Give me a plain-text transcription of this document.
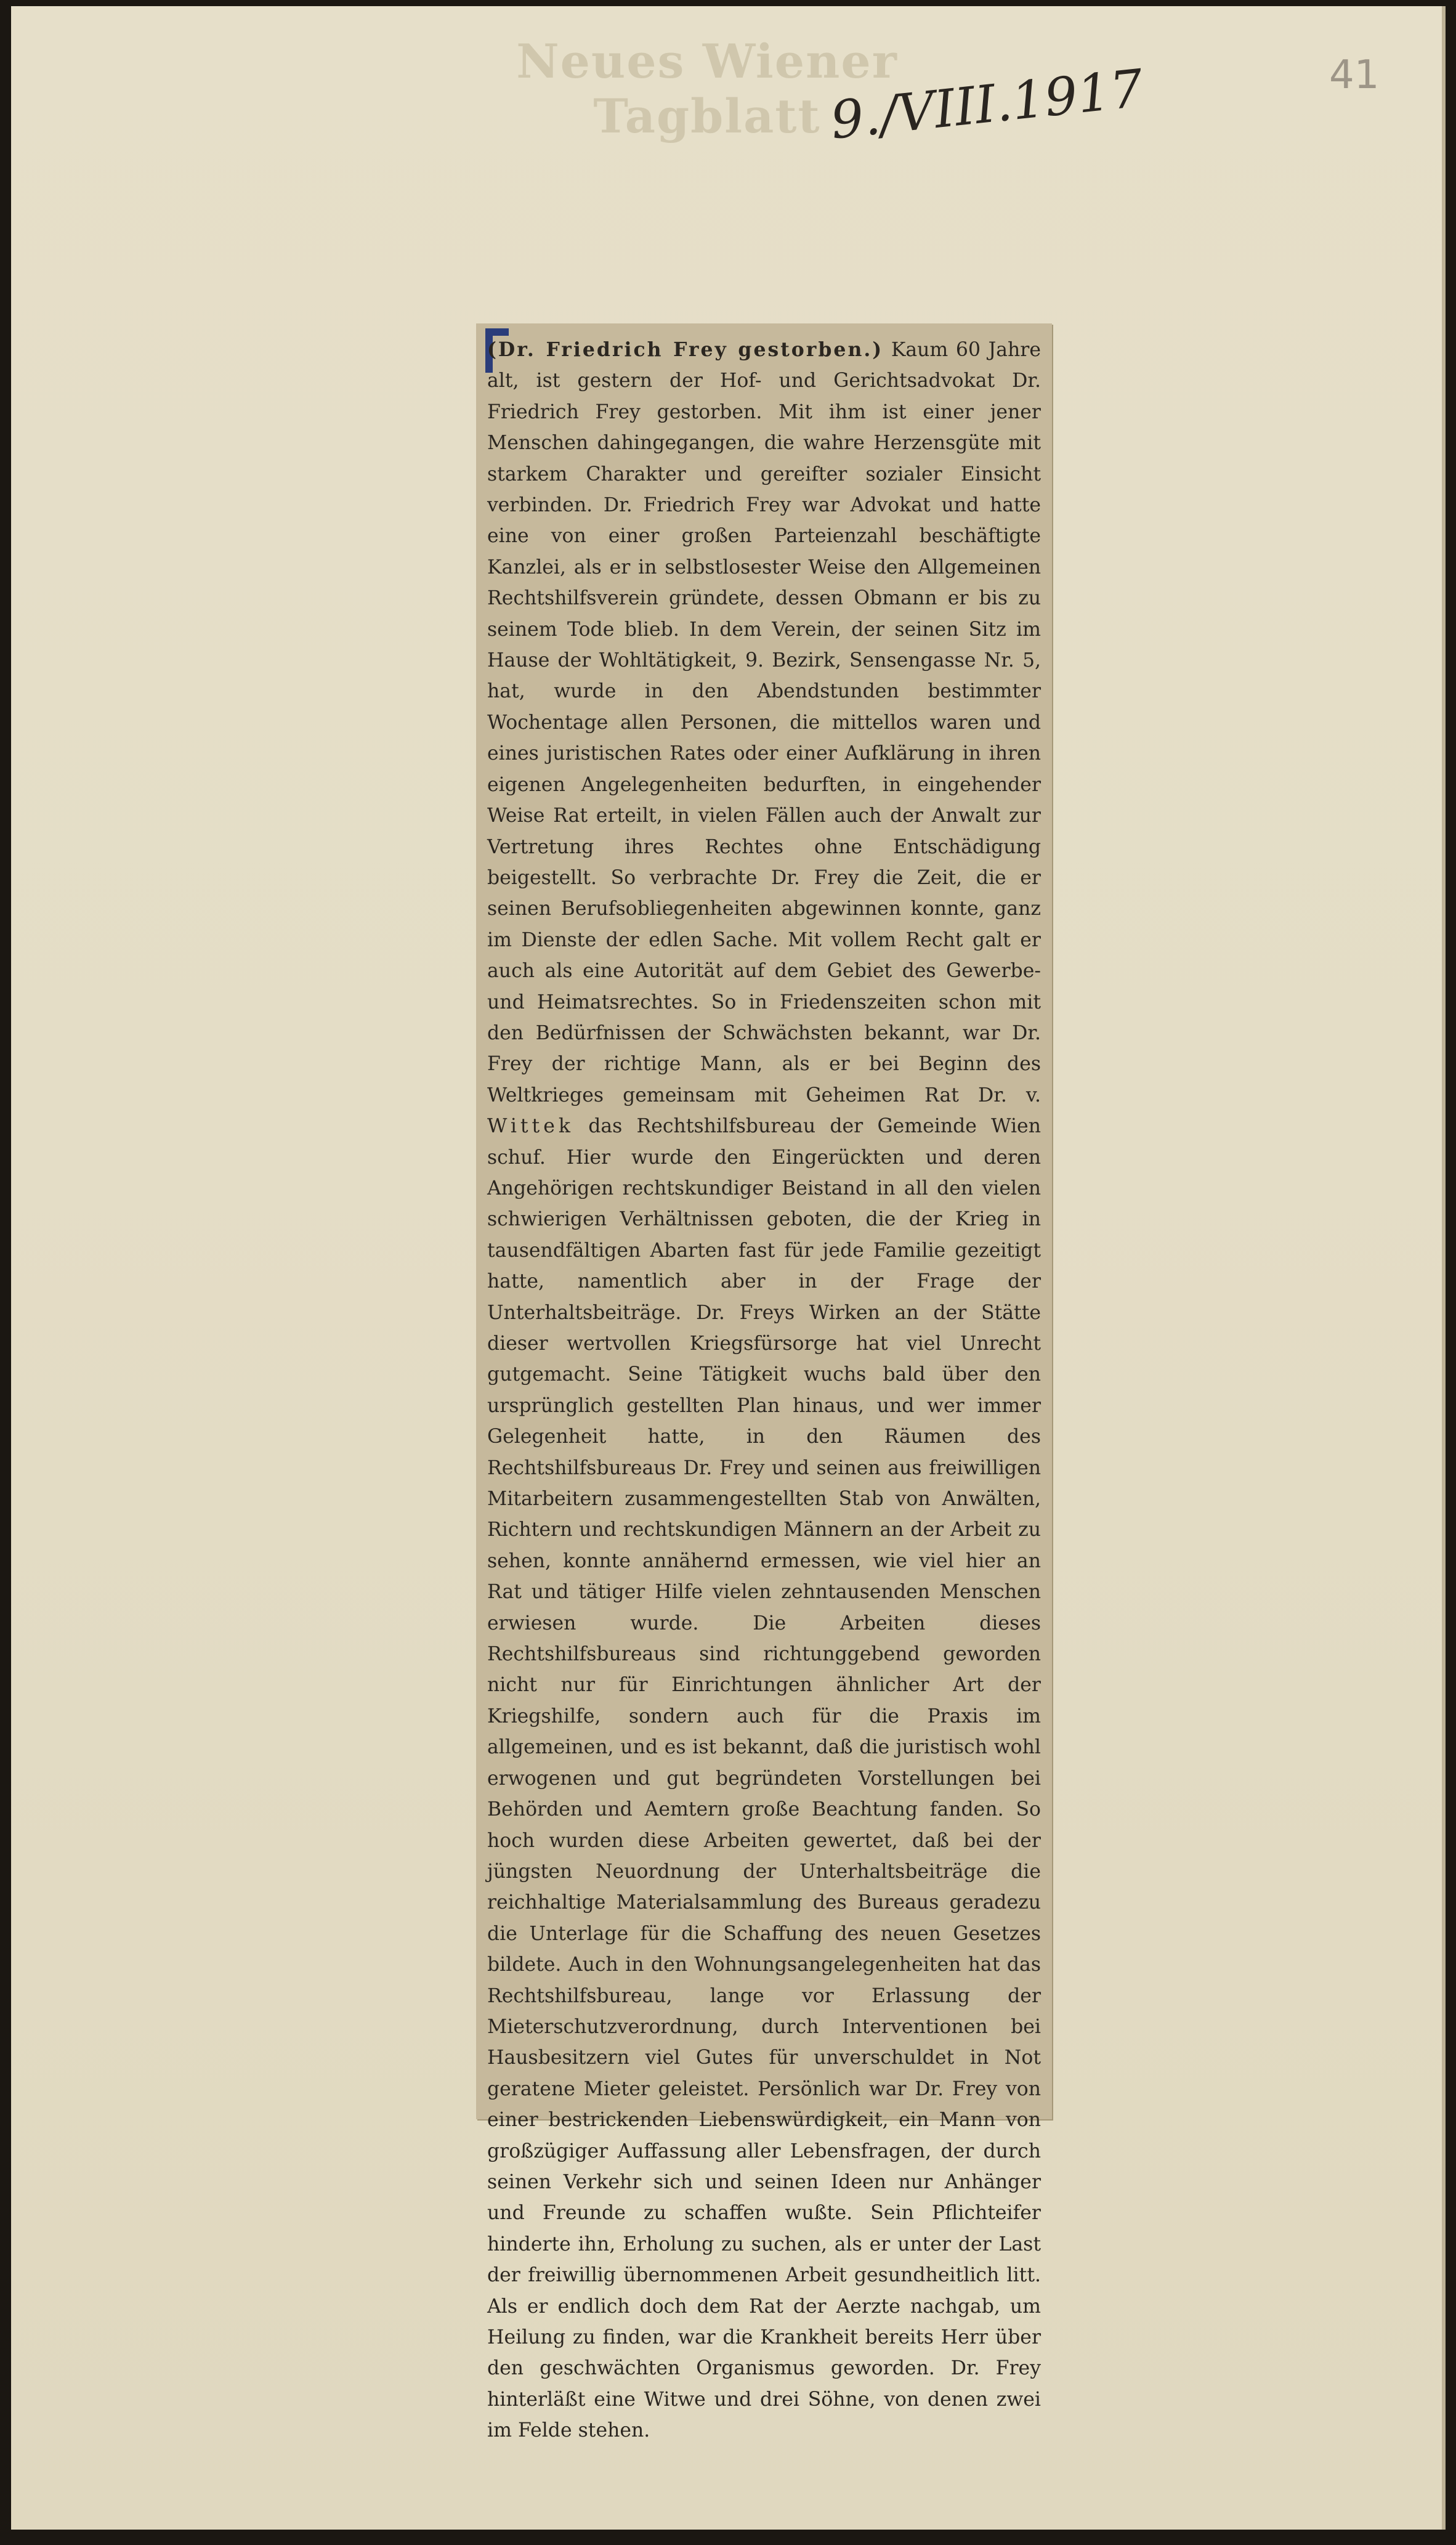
Neues Wiener Tagblatt 9./VIII.1917	41
(Dr. Friedrich Frey gestorben.) Kaum 60 Jahre alt, ist gestern der Hof- und Gerichtsadvokat Dr. Friedrich Frey gestorben. Mit ihm ist einer jener Menschen dahingegangen, die wahre Herzensgüte mit starkem Charakter und gereifter sozialer Einsicht verbinden. Dr. Friedrich Frey war Advokat und hatte eine von einer großen Parteienzahl beschäftigte Kanzlei, als er in selbstlosester Weise den Allgemeinen Rechtshilfsverein gründete, dessen Obmann er bis zu seinem Tode blieb. In dem Verein, der seinen Sitz im Hause der Wohltätigkeit, 9. Bezirk, Sensengasse Nr. 5, hat, wurde in den Abendstunden bestimmter Wochentage allen Personen, die mittellos waren und eines juristischen Rates oder einer Aufklärung in ihren eigenen Angelegenheiten bedurften, in eingehender Weise Rat erteilt, in vielen Fällen auch der Anwalt zur Vertretung ihres Rechtes ohne Entschädigung beigestellt. So verbrachte Dr. Frey die Zeit, die er seinen Berufsobliegenheiten abgewinnen konnte, ganz im Dienste der edlen Sache. Mit vollem Recht galt er auch als eine Autorität auf dem Gebiet des Gewerbe- und Heimatsrechtes. So in Friedenszeiten schon mit den Bedürfnissen der Schwächsten bekannt, war Dr. Frey der richtige Mann, als er bei Beginn des Weltkrieges gemeinsam mit Geheimen Rat Dr. v. Wittek das Rechtshilfsbureau der Gemeinde Wien schuf. Hier wurde den Eingerückten und deren Angehörigen rechtskundiger Beistand in all den vielen schwierigen Verhältnissen geboten, die der Krieg in tausendfältigen Abarten fast für jede Familie gezeitigt hatte, namentlich aber in der Frage der Unterhaltsbeiträge. Dr. Freys Wirken an der Stätte dieser wertvollen Kriegsfürsorge hat viel Unrecht gutgemacht. Seine Tätigkeit wuchs bald über den ursprünglich gestellten Plan hinaus, und wer immer Gelegenheit hatte, in den Räumen des Rechtshilfsbureaus Dr. Frey und seinen aus freiwilligen Mitarbeitern zusammengestellten Stab von Anwälten, Richtern und rechtskundigen Männern an der Arbeit zu sehen, konnte annähernd ermessen, wie viel hier an Rat und tätiger Hilfe vielen zehntausenden Menschen erwiesen wurde. Die Arbeiten dieses Rechtshilfsbureaus sind richtunggebend geworden nicht nur für Einrichtungen ähnlicher Art der Kriegshilfe, sondern auch für die Praxis im allgemeinen, und es ist bekannt, daß die juristisch wohl erwogenen und gut begründeten Vorstellungen bei Behörden und Aemtern große Beachtung fanden. So hoch wurden diese Arbeiten gewertet, daß bei der jüngsten Neuordnung der Unterhaltsbeiträge die reichhaltige Materialsammlung des Bureaus geradezu die Unterlage für die Schaffung des neuen Gesetzes bildete. Auch in den Wohnungsangelegenheiten hat das Rechtshilfsbureau, lange vor Erlassung der Mieterschutzverordnung, durch Interventionen bei Hausbesitzern viel Gutes für unverschuldet in Not geratene Mieter geleistet. Persönlich war Dr. Frey von einer bestrickenden Liebenswürdigkeit, ein Mann von großzügiger Auffassung aller Lebensfragen, der durch seinen Verkehr sich und seinen Ideen nur Anhänger und Freunde zu schaffen wußte. Sein Pflichteifer hinderte ihn, Erholung zu suchen, als er unter der Last der freiwillig übernommenen Arbeit gesundheitlich litt. Als er endlich doch dem Rat der Aerzte nachgab, um Heilung zu finden, war die Krankheit bereits Herr über den geschwächten Organismus geworden. Dr. Frey hinterläßt eine Witwe und drei Söhne, von denen zwei im Felde stehen.
